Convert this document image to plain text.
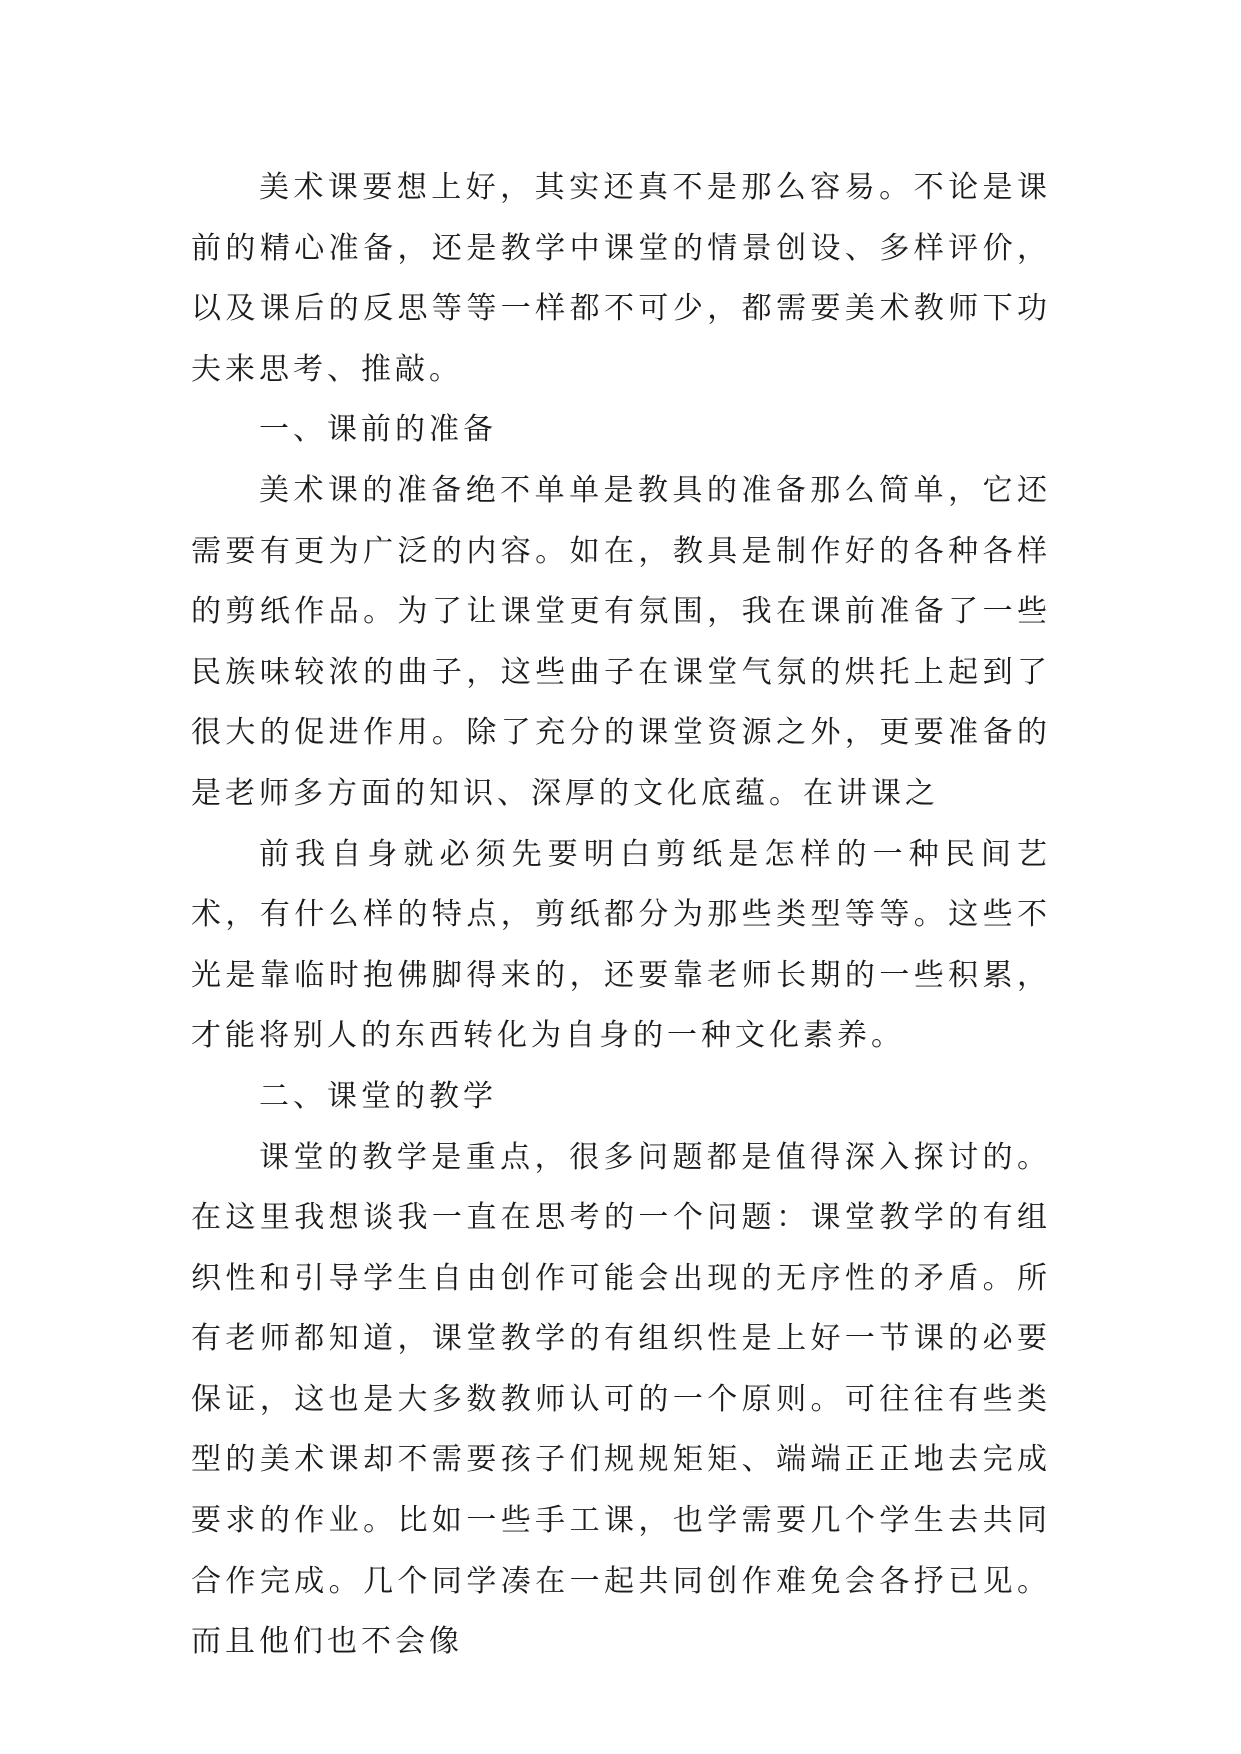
美术课要想上好，其实还真不是那么容易。不论是课前的精心准备，还是教学中课堂的情景创设、多样评价，以及课后的反思等等一样都不可少，都需要美术教师下功夫来思考、推敲。

一、课前的准备

美术课的准备绝不单单是教具的准备那么简单，它还需要有更为广泛的内容。如在，教具是制作好的各种各样的剪纸作品。为了让课堂更有氛围，我在课前准备了一些民族味较浓的曲子，这些曲子在课堂气氛的烘托上起到了很大的促进作用。除了充分的课堂资源之外，更要准备的是老师多方面的知识、深厚的文化底蕴。在讲课之

前我自身就必须先要明白剪纸是怎样的一种民间艺术，有什么样的特点，剪纸都分为那些类型等等。这些不光是靠临时抱佛脚得来的，还要靠老师长期的一些积累，才能将别人的东西转化为自身的一种文化素养。

二、课堂的教学

课堂的教学是重点，很多问题都是值得深入探讨的。在这里我想谈我一直在思考的一个问题：课堂教学的有组织性和引导学生自由创作可能会出现的无序性的矛盾。所有老师都知道，课堂教学的有组织性是上好一节课的必要保证，这也是大多数教师认可的一个原则。可往往有些类型的美术课却不需要孩子们规规矩矩、端端正正地去完成要求的作业。比如一些手工课，也学需要几个学生去共同合作完成。几个同学凑在一起共同创作难免会各抒已见。而且他们也不会像
